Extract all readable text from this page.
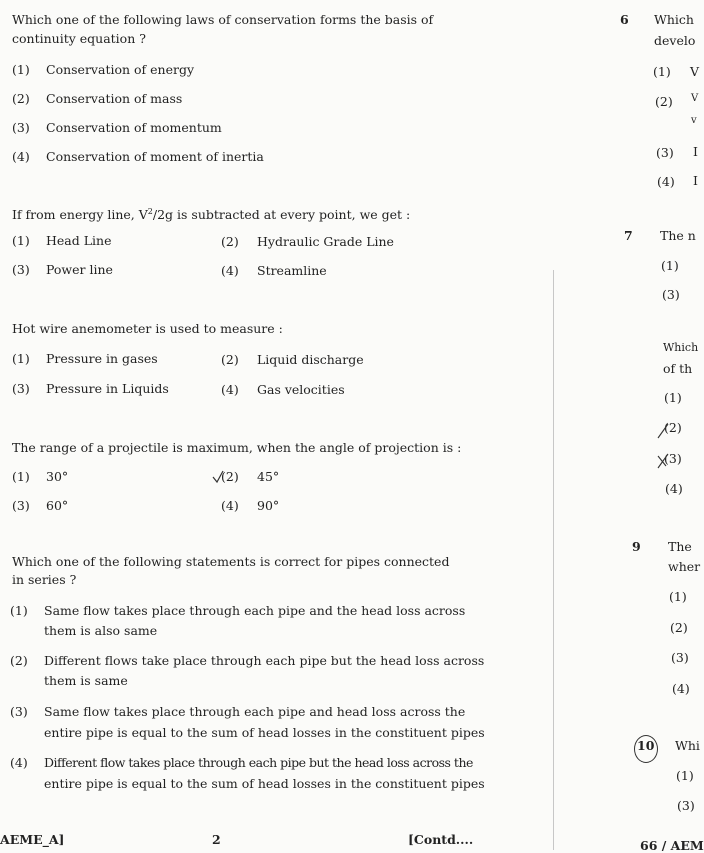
Which one of the following laws of conservation forms the basis of
continuity equation ?
(1) Conservation of energy
(2) Conservation of mass
(3) Conservation of momentum
(4) Conservation of moment of inertia
If from energy line, $V^2/2g$ is subtracted at every point, we get :
(1) Head Line	(2) Hydraulic Grade Line
(3) Power line	(4) Streamline
Hot wire anemometer is used to measure :
(1) Pressure in gases	(2) Liquid discharge
(3) Pressure in Liquids	(4) Gas velocities
The range of a projectile is maximum, when the angle of projection is :
(1) 30°	(2) 45°
(3) 60°	(4) 90°
Which one of the following statements is correct for pipes connected
in series ?
(1) Same flow takes place through each pipe and the head loss across
them is also same
(2) Different flows take place through each pipe but the head loss across
them is same
(3) Same flow takes place through each pipe and head loss across the
entire pipe is equal to the sum of head losses in the constituent pipes
(4) Different flow takes place through each pipe but the head loss across the
entire pipe is equal to the sum of head losses in the constituent pipes
AEME_A]	2	[Contd....
6 Which
develo
(1) V
(2) V
v
(3) I
(4) I
7 The n
(1)
(3)
Which
of th
(1)
(2)
(3)
(4)
9 The
wher
(1)
(2)
(3)
(4)
10 Whi
(1)
(3)
66 / AEM
